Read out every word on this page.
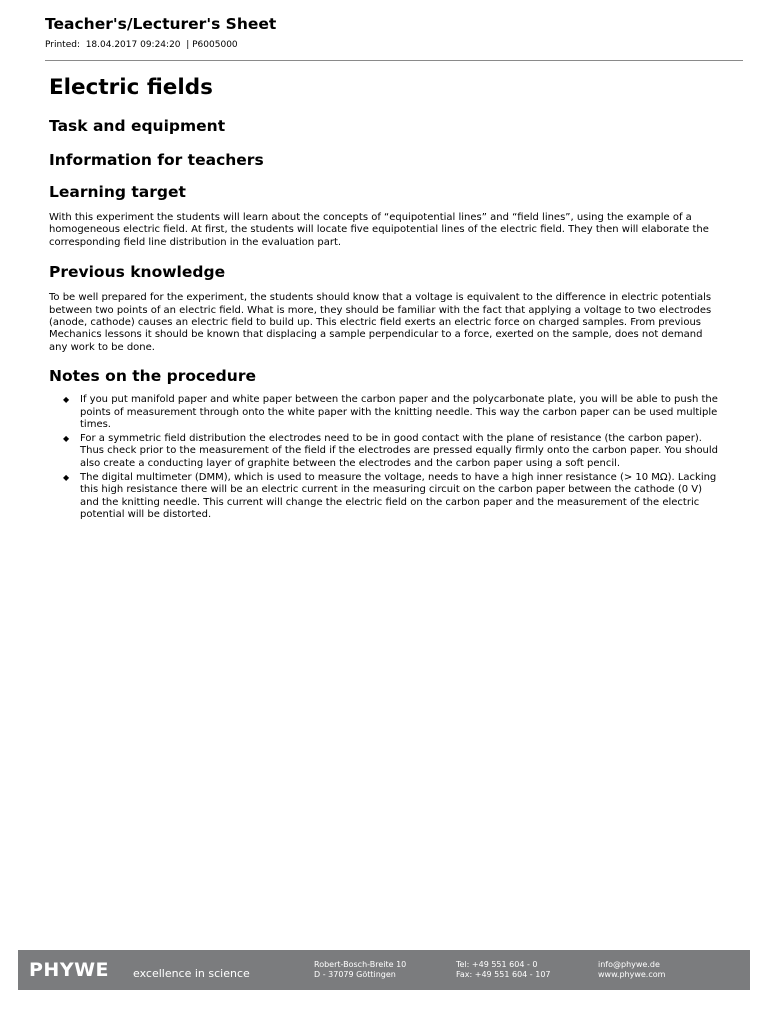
Teacher's/Lecturer's Sheet
Printed:  18.04.2017 09:24:20  | P6005000
Electric fields
Task and equipment
Information for teachers
Learning target

With this experiment the students will learn about the concepts of “equipotential lines” and “field lines”, using the example of a homogeneous electric field. At first, the students will locate five equipotential lines of the electric field. They then will elaborate the corresponding field line distribution in the evaluation part.

Previous knowledge

To be well prepared for the experiment, the students should know that a voltage is equivalent to the difference in electric potentials between two points of an electric field. What is more, they should be familiar with the fact that applying a voltage to two electrodes (anode, cathode) causes an electric field to build up. This electric field exerts an electric force on charged samples. From previous Mechanics lessons it should be known that displacing a sample perpendicular to a force, exerted on the sample, does not demand any work to be done.

Notes on the procedure
◆ If you put manifold paper and white paper between the carbon paper and the polycarbonate plate, you will be able to push the points of measurement through onto the white paper with the knitting needle. This way the carbon paper can be used multiple times.
◆ For a symmetric field distribution the electrodes need to be in good contact with the plane of resistance (the carbon paper). Thus check prior to the measurement of the field if the electrodes are pressed equally firmly onto the carbon paper. You should also create a conducting layer of graphite between the electrodes and the carbon paper using a soft pencil.
◆ The digital multimeter (DMM), which is used to measure the voltage, needs to have a high inner resistance (> 10 MΩ). Lacking this high resistance there will be an electric current in the measuring circuit on the carbon paper between the cathode (0 V) and the knitting needle. This current will change the electric field on the carbon paper and the measurement of the electric potential will be distorted.
PHYWE excellence in science
Robert-Bosch-Breite 10
D - 37079 Göttingen
Tel: +49 551 604 - 0
Fax: +49 551 604 - 107
info@phywe.de
www.phywe.com
